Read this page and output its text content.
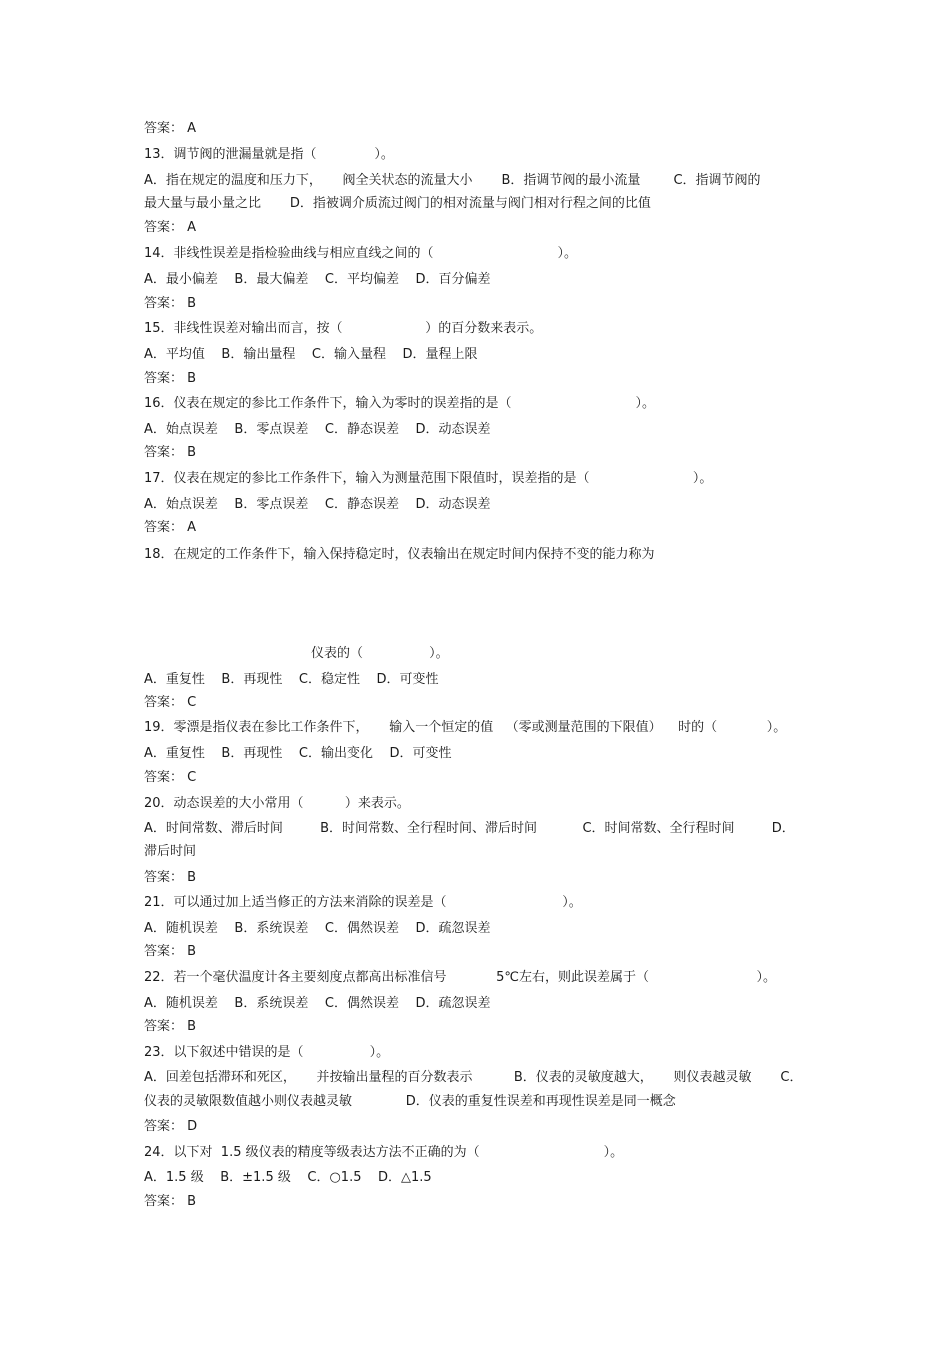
答案： A
13．调节阀的泄漏量就是指（              ）。
A．指在规定的温度和压力下，     阀全关状态的流量大小       B．指调节阀的最小流量        C．指调节阀的
最大量与最小量之比       D．指被调介质流过阀门的相对流量与阀门相对行程之间的比值
答案： A
14．非线性误差是指检验曲线与相应直线之间的（                              ）。
A．最小偏差    B．最大偏差    C．平均偏差    D．百分偏差
答案： B
15．非线性误差对输出而言，按（                    ）的百分数来表示。
A．平均值    B．输出量程    C．输入量程    D．量程上限
答案： B
16．仪表在规定的参比工作条件下，输入为零时的误差指的是（                              ）。
A．始点误差    B．零点误差    C．静态误差    D．动态误差
答案： B
17．仪表在规定的参比工作条件下，输入为测量范围下限值时，误差指的是（                         ）。
A．始点误差    B．零点误差    C．静态误差    D．动态误差
答案： A
18．在规定的工作条件下，输入保持稳定时，仪表输出在规定时间内保持不变的能力称为
仪表的（                ）。
A．重复性    B．再现性    C．稳定性    D．可变性
答案： C
19．零漂是指仪表在参比工作条件下，     输入一个恒定的值   （零或测量范围的下限值）    时的（            ）。
A．重复性    B．再现性    C．输出变化    D．可变性
答案： C
20．动态误差的大小常用（          ）来表示。
A．时间常数、滞后时间         B．时间常数、全行程时间、滞后时间           C．时间常数、全行程时间         D．
滞后时间
答案： B
21．可以通过加上适当修正的方法来消除的误差是（                            ）。
A．随机误差    B．系统误差    C．偶然误差    D．疏忽误差
答案： B
22．若一个毫伏温度计各主要刻度点都高出标准信号            5℃左右，则此误差属于（                          ）。
A．随机误差    B．系统误差    C．偶然误差    D．疏忽误差
答案： B
23．以下叙述中错误的是（                ）。
A．回差包括滞环和死区，     并按输出量程的百分数表示          B．仪表的灵敏度越大，     则仪表越灵敏       C．
仪表的灵敏限数值越小则仪表越灵敏             D．仪表的重复性误差和再现性误差是同一概念
答案： D
24．以下对  1.5 级仪表的精度等级表达方法不正确的为（                              ）。
A．1.5 级    B．±1.5 级    C．○1.5    D．△1.5
答案： B
